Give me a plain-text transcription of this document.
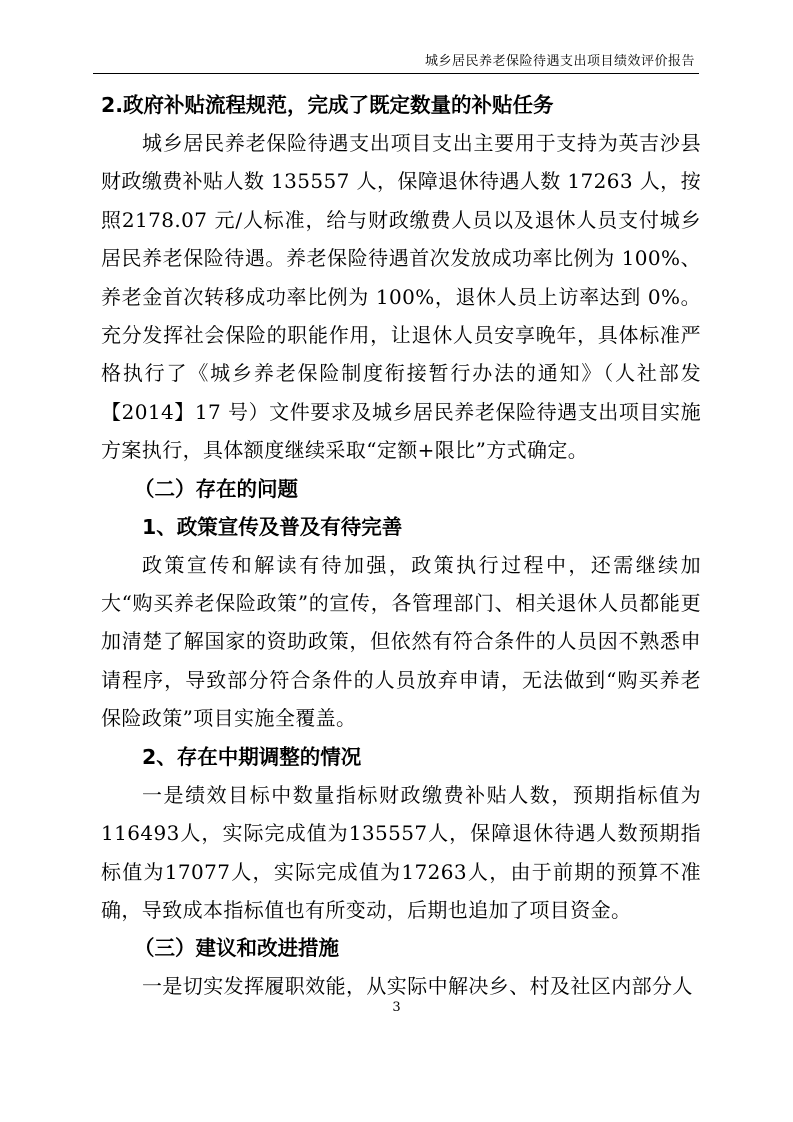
城乡居民养老保险待遇支出项目绩效评价报告
2.政府补贴流程规范，完成了既定数量的补贴任务

城乡居民养老保险待遇支出项目支出主要用于支持为英吉沙县财政缴费补贴人数 135557 人，保障退休待遇人数 17263 人，按照2178.07 元/人标准，给与财政缴费人员以及退休人员支付城乡居民养老保险待遇。养老保险待遇首次发放成功率比例为 100%、养老金首次转移成功率比例为 100%，退休人员上访率达到 0%。充分发挥社会保险的职能作用，让退休人员安享晚年，具体标准严格执行了《城乡养老保险制度衔接暂行办法的通知》（人社部发【2014】17 号）文件要求及城乡居民养老保险待遇支出项目实施方案执行，具体额度继续采取“定额+限比”方式确定。

（二）存在的问题
1、政策宣传及普及有待完善

政策宣传和解读有待加强，政策执行过程中，还需继续加大“购买养老保险政策”的宣传，各管理部门、相关退休人员都能更加清楚了解国家的资助政策，但依然有符合条件的人员因不熟悉申请程序，导致部分符合条件的人员放弃申请，无法做到“购买养老保险政策”项目实施全覆盖。

2、存在中期调整的情况

一是绩效目标中数量指标财政缴费补贴人数，预期指标值为116493人，实际完成值为135557人，保障退休待遇人数预期指标值为17077人，实际完成值为17263人，由于前期的预算不准确，导致成本指标值也有所变动，后期也追加了项目资金。

（三）建议和改进措施

一是切实发挥履职效能，从实际中解决乡、村及社区内部分人

3
